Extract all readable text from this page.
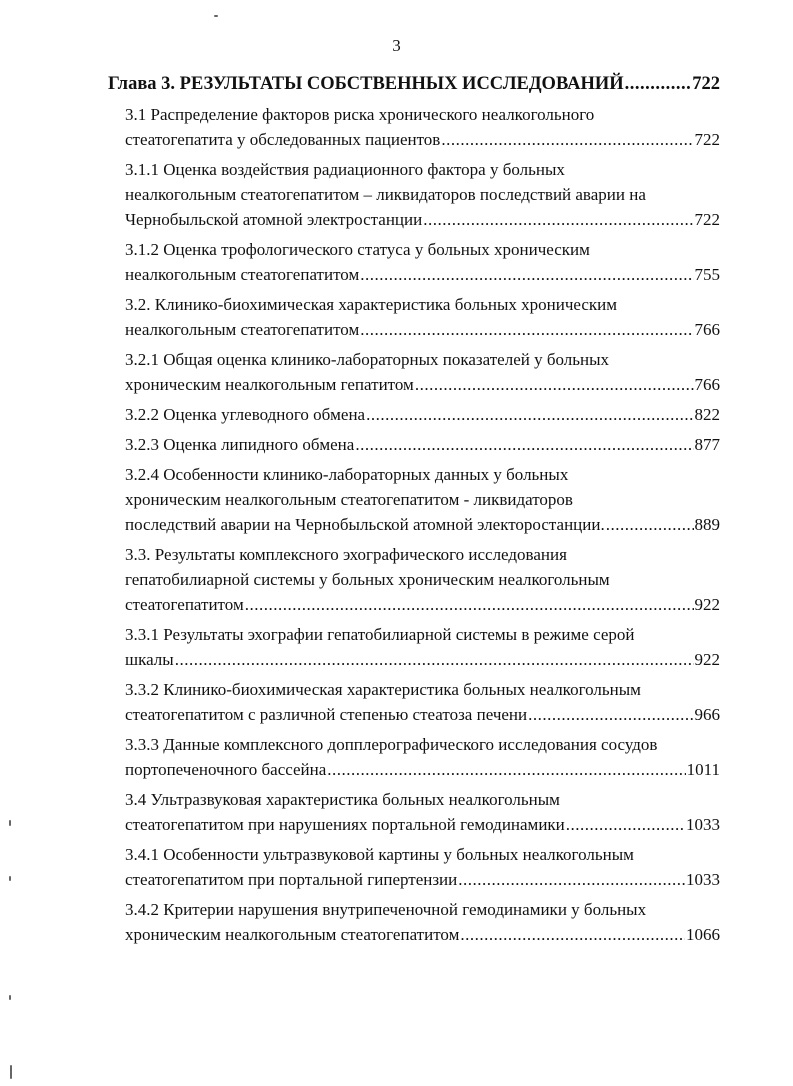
3
Глава 3. РЕЗУЛЬТАТЫ СОБСТВЕННЫХ ИССЛЕДОВАНИЙ .....	722
3.1 Распределение факторов риска хронического неалкогольного
стеатогепатита у обследованных пациентов .....	722
3.1.1 Оценка воздействия радиационного фактора у больных
неалкогольным стеатогепатитом – ликвидаторов последствий аварии на
Чернобыльской атомной электростанции .....	722
3.1.2 Оценка трофологического статуса у больных хроническим
неалкогольным стеатогепатитом .....	755
3.2. Клинико-биохимическая характеристика больных хроническим
неалкогольным стеатогепатитом .....	766
3.2.1 Общая оценка клинико-лабораторных показателей у больных
хроническим неалкогольным гепатитом .....	766
3.2.2 Оценка углеводного обмена .....	822
3.2.3 Оценка липидного обмена .....	877
3.2.4 Особенности клинико-лабораторных данных у больных
хроническим неалкогольным стеатогепатитом - ликвидаторов
последствий аварии на Чернобыльской атомной электоростанции. .....	889
3.3. Результаты комплексного эхографического исследования
гепатобилиарной системы у больных хроническим неалкогольным
стеатогепатитом .....	922
3.3.1 Результаты эхографии гепатобилиарной системы в режиме серой
шкалы .....	922
3.3.2 Клинико-биохимическая характеристика больных неалкогольным
стеатогепатитом с различной степенью стеатоза печени .....	966
3.3.3 Данные комплексного допплерографического исследования сосудов
портопеченочного бассейна .....	1011
3.4 Ультразвуковая характеристика больных неалкогольным
стеатогепатитом при нарушениях портальной гемодинамики .....	1033
3.4.1 Особенности ультразвуковой картины у больных неалкогольным
стеатогепатитом при портальной гипертензии .....	1033
3.4.2 Критерии нарушения внутрипеченочной гемодинамики у больных
хроническим неалкогольным стеатогепатитом .....	1066
